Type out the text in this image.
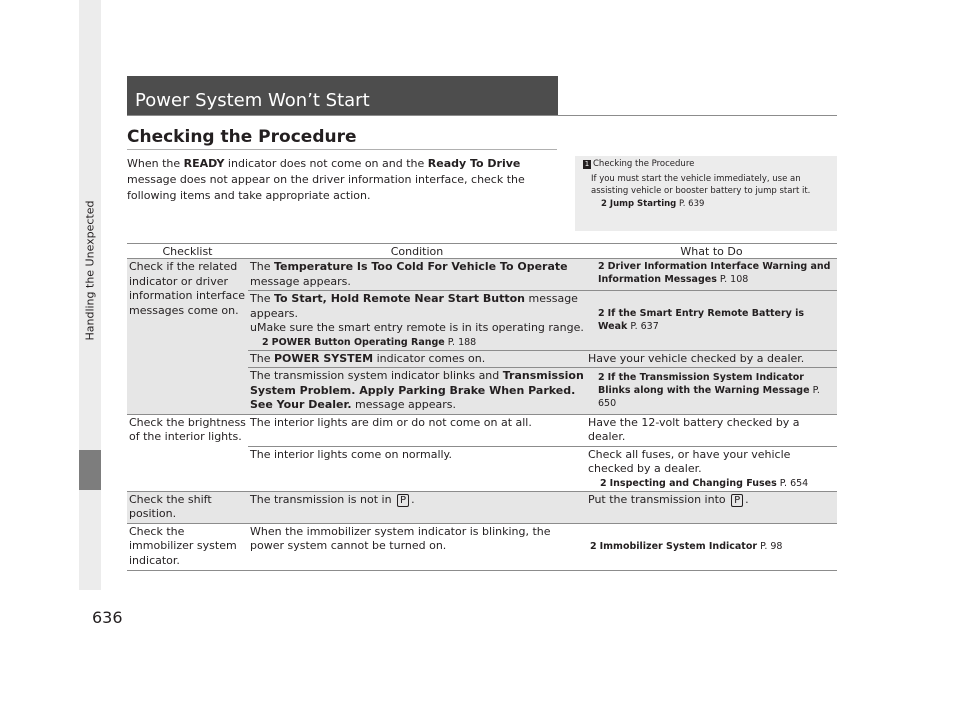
Handling the Unexpected
Power System Won’t Start
Checking the Procedure

When the READY indicator does not come on and the Ready To Drive message does not appear on the driver information interface, check the following items and take appropriate action.

1 Checking the Procedure
If you must start the vehicle immediately, use an assisting vehicle or booster battery to jump start it.
2 Jump Starting P. 639
Checklist	Condition	What to Do
Check if the related indicator or driver information interface messages come on.	The Temperature Is Too Cold For Vehicle To Operate message appears.	2 Driver Information Interface Warning and Information Messages P. 108

	The To Start, Hold Remote Near Start Button message appears.
uMake sure the smart entry remote is in its operating range.
2 POWER Button Operating Range P. 188	2 If the Smart Entry Remote Battery is Weak P. 637

	The POWER SYSTEM indicator comes on.	Have your vehicle checked by a dealer.
	The transmission system indicator blinks and Transmission System Problem. Apply Parking Brake When Parked. See Your Dealer. message appears.	2 If the Transmission System Indicator Blinks along with the Warning Message P. 650

Check the brightness of the interior lights.	The interior lights are dim or do not come on at all.	Have the 12-volt battery checked by a dealer.
	The interior lights come on normally.	Check all fuses, or have your vehicle checked by a dealer.
2 Inspecting and Changing Fuses P. 654

Check the shift position.	The transmission is not in P .	Put the transmission into P .
Check the immobilizer system indicator.	When the immobilizer system indicator is blinking, the power system cannot be turned on.	2 Immobilizer System Indicator P. 98
636
